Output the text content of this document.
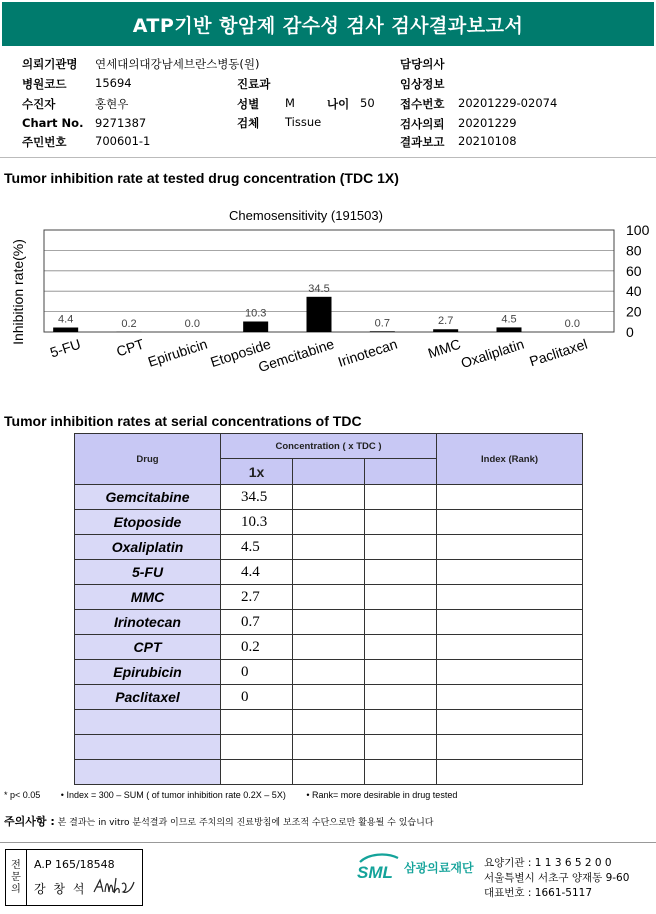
ATP기반 항암제 감수성 검사 검사결과보고서
의뢰기관명 연세대의대강남세브란스병동(원)	담당의사
병원코드 15694	진료과	임상정보
수진자	홍현우	성별 M	나이 50 접수번호 20201229-02074
Chart No. 9271387	검체 Tissue	검사의뢰 20201229
주민번호 700601-1	결과보고 20210108
Tumor inhibition rate at tested drug concentration (TDC 1X)
Chemosensitivity (191503)
4.4	0.2	0.0
10.3
34.5
0.7	2.7	4.5	0.0	0
20
40
60
80
100
5-FU CPT Epirubicin Etoposide
Gemcitabine Irinotecan MMC
Oxaliplatin Paclitaxel
Inhibition rate(%)
Tumor inhibition rates at serial concentrations of TDC
Drug	Concentration ( x TDC )			Index (Rank)
	1x			
Gemcitabine	34.5			
Etoposide	10.3			
Oxaliplatin	4.5			
5-FU	4.4			
MMC	2.7			
Irinotecan	0.7			
CPT	0.2			
Epirubicin	0			
Paclitaxel	0			

* p< 0.05 • Index = 300 – SUM ( of tumor inhibition rate 0.2X – 5X) • Rank= more desirable in drug tested
주의사항 : 본 결과는 in vitro 분석결과 이므로 주치의의 진료방침에 보조적 수단으로만 활용될 수 있습니다
전
문
의
A.P 165/18548
강 창 석
SML 삼광의료재단 요양기관 : 1 1 3 6 5 2 0 0
서울특별시 서초구 양재동 9-60
대표번호 : 1661-5117
